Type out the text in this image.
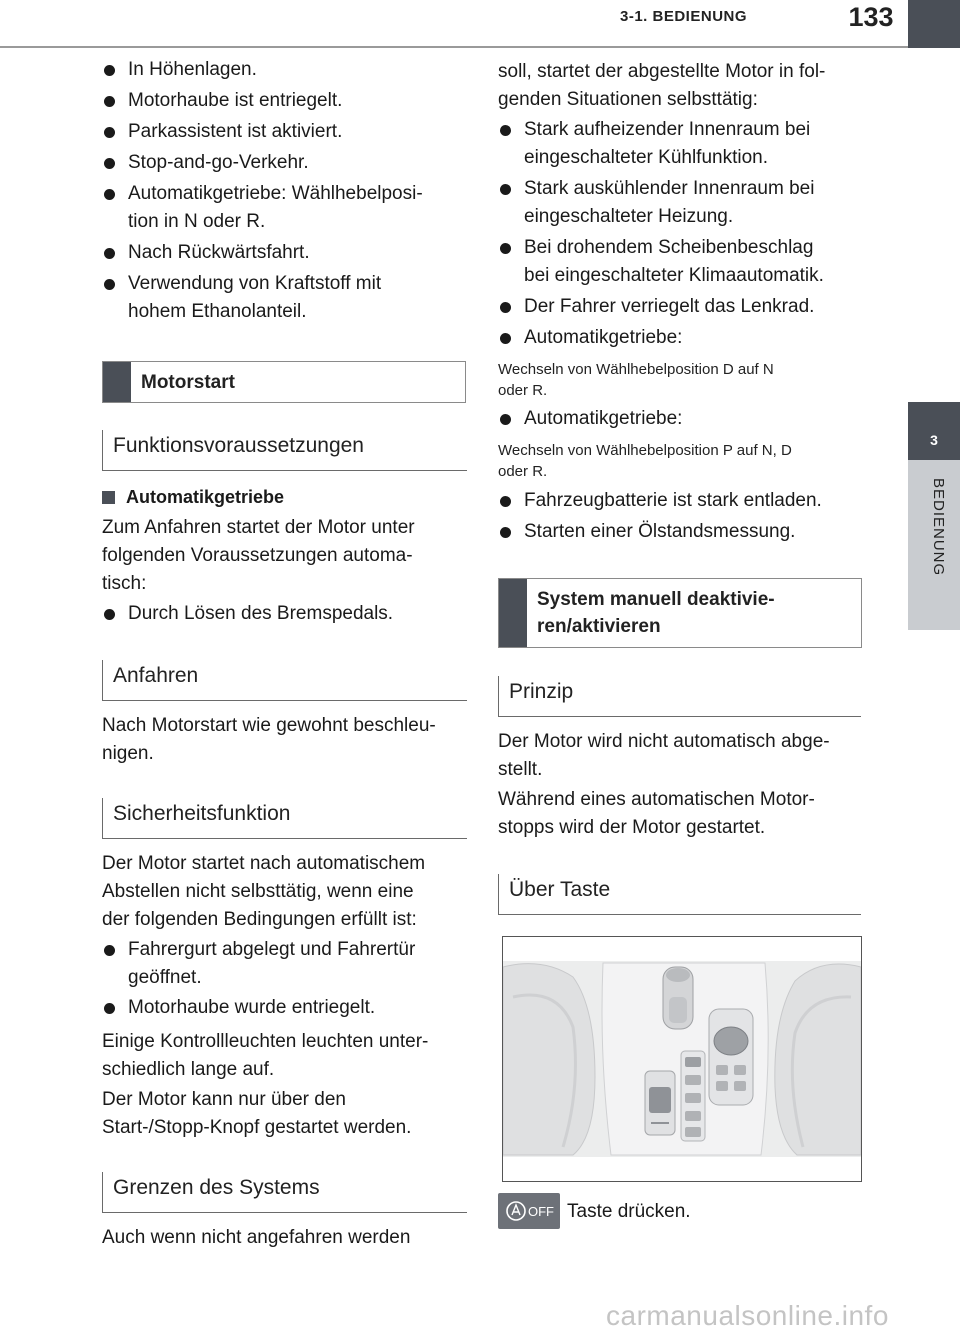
3-1. BEDIENUNG	133
3
BEDIENUNG
In Höhenlagen.
Motorhaube ist entriegelt.
Parkassistent ist aktiviert.
Stop-and-go-Verkehr.
Automatikgetriebe: Wählhebelposi-
tion in N oder R.
Nach Rückwärtsfahrt.
Verwendung von Kraftstoff mit
hohem Ethanolanteil.
Motorstart
Funktionsvoraussetzungen
Automatikgetriebe

Zum Anfahren startet der Motor unter
folgenden Voraussetzungen automa-
tisch:

Durch Lösen des Bremspedals.
Anfahren

Nach Motorstart wie gewohnt beschleu-
nigen.

Sicherheitsfunktion

Der Motor startet nach automatischem
Abstellen nicht selbsttätig, wenn eine
der folgenden Bedingungen erfüllt ist:

Fahrergurt abgelegt und Fahrertür
geöffnet.
Motorhaube wurde entriegelt.

Einige Kontrollleuchten leuchten unter-
schiedlich lange auf.

Der Motor kann nur über den
Start-/Stopp-Knopf gestartet werden.

Grenzen des Systems

Auch wenn nicht angefahren werden

soll, startet der abgestellte Motor in fol-
genden Situationen selbsttätig:

Stark aufheizender Innenraum bei
eingeschalteter Kühlfunktion.
Stark auskühlender Innenraum bei
eingeschalteter Heizung.
Bei drohendem Scheibenbeschlag
bei eingeschalteter Klimaautomatik.
Der Fahrer verriegelt das Lenkrad.
Automatikgetriebe:

Wechseln von Wählhebelposition D auf N
oder R.

Automatikgetriebe:

Wechseln von Wählhebelposition P auf N, D
oder R.

Fahrzeugbatterie ist stark entladen.
Starten einer Ölstandsmessung.
System manuell deaktivie-
ren/aktivieren
Prinzip

Der Motor wird nicht automatisch abge-
stellt.

Während eines automatischen Motor-
stopps wird der Motor gestartet.

Über Taste
OFF Taste drücken.

carmanualsonline.info
